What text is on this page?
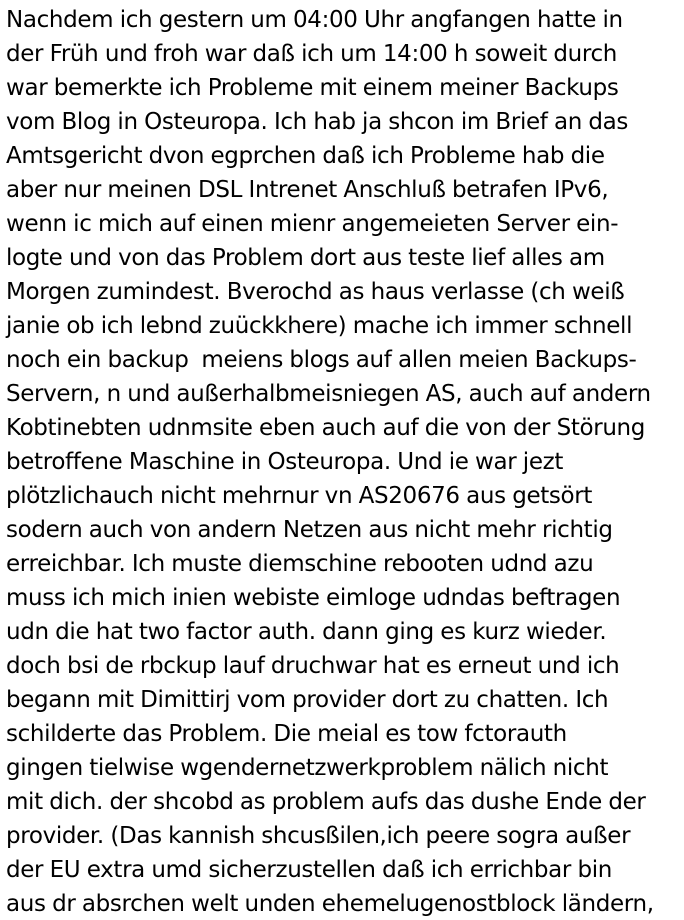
Nachdem ich gestern um 04:00 Uhr angfangen hatte in
der Früh und froh war daß ich um 14:00 h soweit durch
war bemerkte ich Probleme mit einem meiner Backups
vom Blog in Osteuropa. Ich hab ja shcon im Brief an das
Amtsgericht dvon egprchen daß ich Probleme hab die
aber nur meinen DSL Intrenet Anschluß betrafen IPv6,
wenn ic mich auf einen mienr angemeieten Server ein-
logte und von das Problem dort aus teste lief alles am
Morgen zumindest. Bverochd as haus verlasse (ch weiß
janie ob ich lebnd zuückkhere) mache ich immer schnell
noch ein backup  meiens blogs auf allen meien Backups-
Servern, n und außerhalbmeisniegen AS, auch auf andern
Kobtinebten udnmsite eben auch auf die von der Störung
betroffene Maschine in Osteuropa. Und ie war jezt
plötzlichauch nicht mehrnur vn AS20676 aus getsört
sodern auch von andern Netzen aus nicht mehr richtig
erreichbar. Ich muste diemschine rebooten udnd azu
muss ich mich inien webiste eimloge udndas beftragen
udn die hat two factor auth. dann ging es kurz wieder.
doch bsi de rbckup lauf druchwar hat es erneut und ich
begann mit Dimittirj vom provider dort zu chatten. Ich
schilderte das Problem. Die meial es tow fctorauth
gingen tielwise wgendernetzwerkproblem nälich nicht
mit dich. der shcobd as problem aufs das dushe Ende der
provider. (Das kannish shcusßilen,ich peere sogra außer
der EU extra umd sicherzustellen daß ich errichbar bin
aus dr absrchen welt unden ehemelugenostblock ländern,
